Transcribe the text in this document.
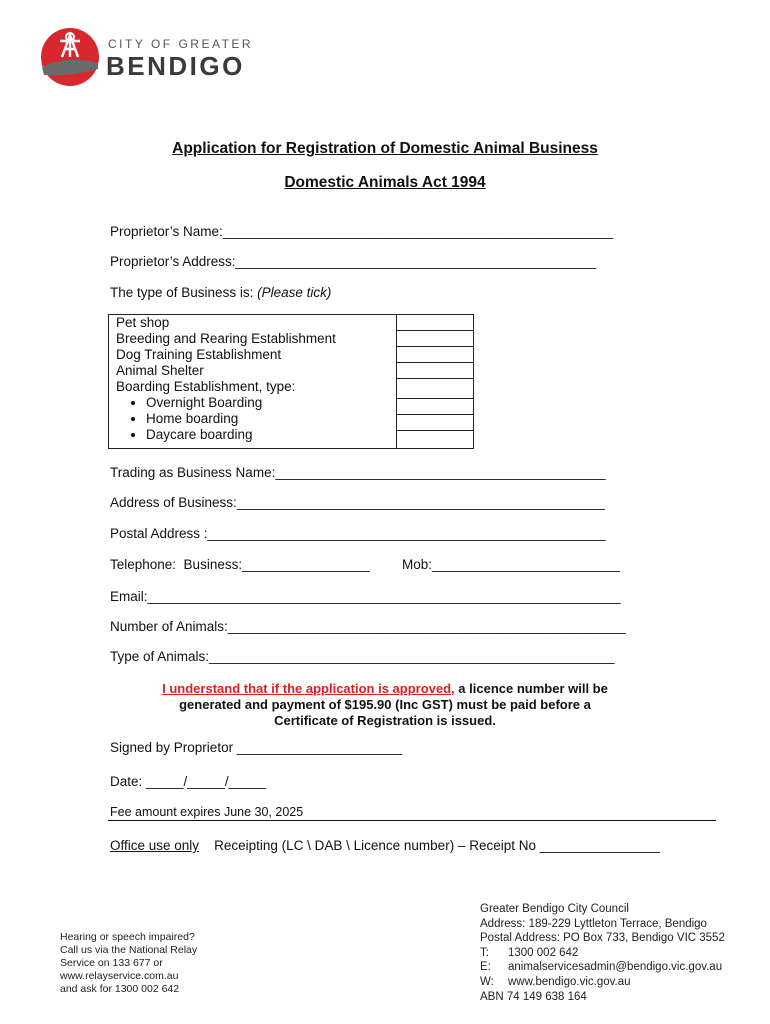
CITY OF GREATER
BENDIGO
Application for Registration of Domestic Animal Business
Domestic Animals Act 1994
Proprietor’s Name:____________________________________________________
Proprietor’s Address:________________________________________________
The type of Business is: (Please tick)
Pet shop
Breeding and Rearing Establishment
Dog Training Establishment
Animal Shelter
Boarding Establishment, type:
• Overnight Boarding
• Home boarding
• Daycare boarding

Trading as Business Name:____________________________________________
Address of Business:_________________________________________________
Postal Address :_____________________________________________________
Telephone:  Business:_________________ Mob:_________________________
Email:_______________________________________________________________
Number of Animals:_____________________________________________________
Type of Animals:______________________________________________________
I understand that if the application is approved, a licence number will be
generated and payment of $195.90 (Inc GST) must be paid before a
Certificate of Registration is issued.
Signed by Proprietor ______________________
Date: _____/_____/_____
Fee amount expires June 30, 2025
Office use only Receipting (LC \ DAB \ Licence number) – Receipt No ________________
Hearing or speech impaired?
Call us via the National Relay
Service on 133 677 or
www.relayservice.com.au
and ask for 1300 002 642
Greater Bendigo City Council
Address: 189-229 Lyttleton Terrace, Bendigo
Postal Address: PO Box 733, Bendigo VIC 3552
T: 1300 002 642
E: animalservicesadmin@bendigo.vic.gov.au
W: www.bendigo.vic.gov.au
ABN 74 149 638 164
